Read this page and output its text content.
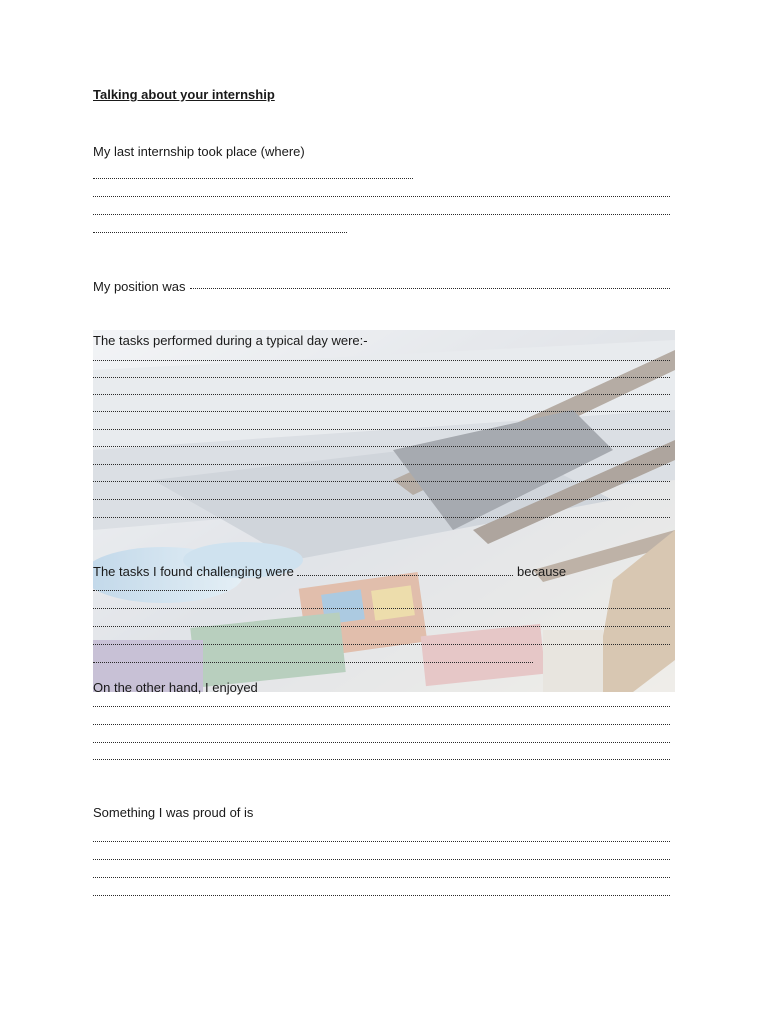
Talking about your internship
My last internship took place (where)
My position was
The tasks performed during a typical day were:-
The tasks I found challenging were	because
On the other hand, I enjoyed
Something I was proud of is
